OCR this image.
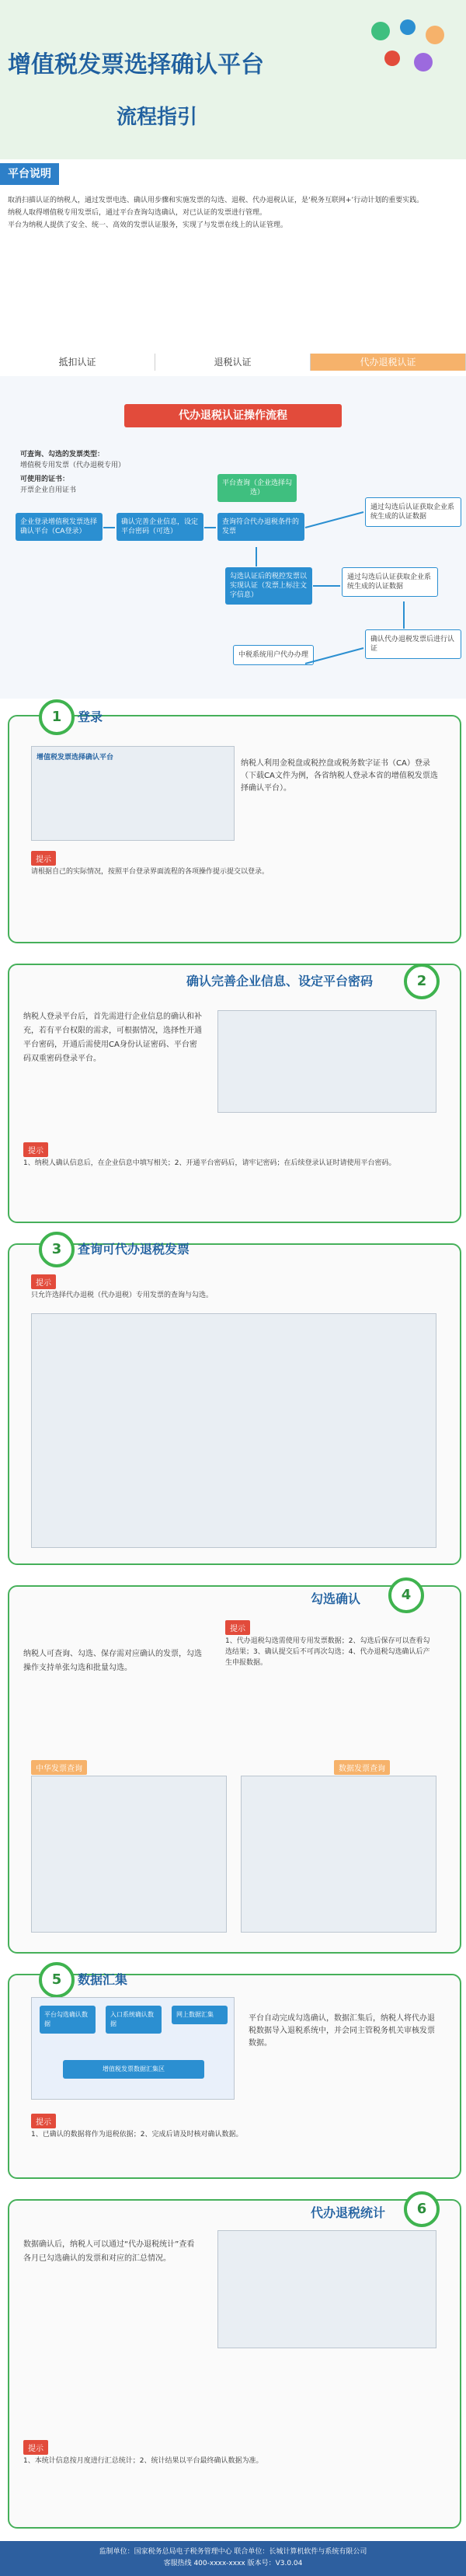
增值税发票选择确认平台
流程指引
平台说明
取消扫描认证的纳税人，通过发票电选、确认用步骤和实施发票的勾选、退税、代办退税认证，是‘税务互联网+’行动计划的重要实践。
纳税人取得增值税专用发票后，通过平台查询勾选确认，对已认证的发票进行管理。
平台为纳税人提供了安全、统一、高效的发票认证服务，实现了与发票在线上的认证管理。
抵扣认证	退税认证	代办退税认证
代办退税认证操作流程
可查询、勾选的发票类型：
增值税专用发票（代办退税专用）
可使用的证书：
开票企业自用证书
企业登录增值税发票选择确认平台（CA登录）
确认完善企业信息，设定平台密码（可选）
平台查询（企业选择勾选）
查询符合代办退税条件的发票
通过勾选后认证获取企业系统生成的认证数据
勾选认证后的税控发票以实现认证（发票上标注文字信息）
通过勾选后认证获取企业系统生成的认证数据
确认代办退税发票后进行认证
中税系统用户代办办理
1	登录
增值税发票选择确认平台
纳税人利用金税盘或税控盘或税务数字证书（CA）登录（下载CA文件为例，各省纳税人登录本省的增值税发票选择确认平台）。
提示
请根据自己的实际情况，按照平台登录界面流程的各项操作提示提交以登录。
确认完善企业信息、设定平台密码	2
纳税人登录平台后，首先需进行企业信息的确认和补充，若有平台权限的需求，可根据情况，选择性开通平台密码，开通后需使用CA身份认证密码、平台密码双重密码登录平台。
提示
1、纳税人确认信息后，在企业信息中填写相关；2、开通平台密码后，请牢记密码；在后续登录认证时请使用平台密码。
3	查询可代办退税发票
提示
只允许选择代办退税（代办退税）专用发票的查询与勾选。
勾选确认	4
纳税人可查询、勾选、保存需对应确认的发票，勾选操作支持单张勾选和批量勾选。
提示
1、代办退税勾选需使用专用发票数据；2、勾选后保存可以查看勾选结果；3、确认提交后不可再次勾选；4、代办退税勾选确认后产生申报数据。
中华发票查询	数据发票查询
5	数据汇集
平台勾选确认数据
入口系统确认数据
网上数据汇集
增值税发票数据汇集区
平台自动完成勾选确认，数据汇集后，纳税人将代办退税数据导入退税系统中，并会同主管税务机关审核发票数据。
提示
1、已确认的数据将作为退税依据；2、完成后请及时核对确认数据。
代办退税统计	6
数据确认后，纳税人可以通过“代办退税统计”查看各月已勾选确认的发票和对应的汇总情况。
提示
1、本统计信息按月度进行汇总统计；2、统计结果以平台最终确认数据为准。
监制单位：国家税务总局电子税务管理中心 联合单位：长城计算机软件与系统有限公司
客服热线 400-xxxx-xxxx 版本号：V3.0.04
